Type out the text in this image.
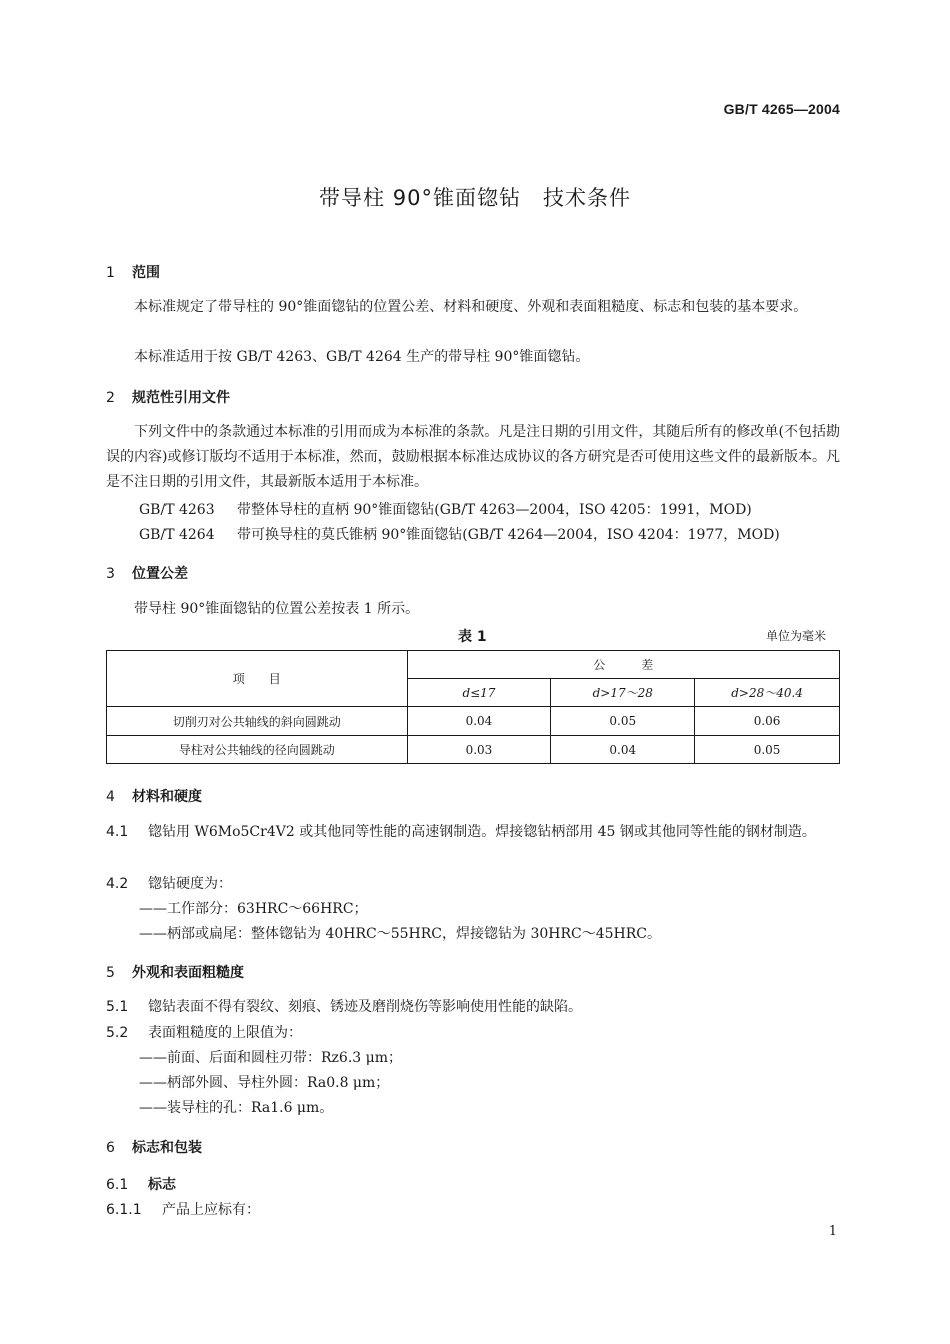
GB/T 4265—2004
带导柱 90°锥面锪钻　技术条件
1 范围
本标准规定了带导柱的 90°锥面锪钻的位置公差、材料和硬度、外观和表面粗糙度、标志和包装的基本要求。
本标准适用于按 GB/T 4263、GB/T 4264 生产的带导柱 90°锥面锪钻。
2 规范性引用文件
下列文件中的条款通过本标准的引用而成为本标准的条款。凡是注日期的引用文件，其随后所有的修改单(不包括勘误的内容)或修订版均不适用于本标准，然而，鼓励根据本标准达成协议的各方研究是否可使用这些文件的最新版本。凡是不注日期的引用文件，其最新版本适用于本标准。
GB/T 4263 带整体导柱的直柄 90°锥面锪钻(GB/T 4263—2004，ISO 4205：1991，MOD)
GB/T 4264 带可换导柱的莫氏锥柄 90°锥面锪钻(GB/T 4264—2004，ISO 4204：1977，MOD)
3 位置公差
带导柱 90°锥面锪钻的位置公差按表 1 所示。
表 1	单位为毫米
项　　目	公　　　差		
	d≤17	d>17～28	d>28～40.4
切削刃对公共轴线的斜向圆跳动	0.04	0.05	0.06
导柱对公共轴线的径向圆跳动	0.03	0.04	0.05
4 材料和硬度
4.1 锪钻用 W6Mo5Cr4V2 或其他同等性能的高速钢制造。焊接锪钻柄部用 45 钢或其他同等性能的钢材制造。
4.2 锪钻硬度为：
——工作部分：63HRC～66HRC；
——柄部或扁尾：整体锪钻为 40HRC～55HRC，焊接锪钻为 30HRC～45HRC。
5 外观和表面粗糙度
5.1 锪钻表面不得有裂纹、刻痕、锈迹及磨削烧伤等影响使用性能的缺陷。
5.2 表面粗糙度的上限值为：
——前面、后面和圆柱刃带：Rz6.3 μm；
——柄部外圆、导柱外圆：Ra0.8 μm；
——装导柱的孔：Ra1.6 μm。
6 标志和包装
6.1 标志
6.1.1 产品上应标有：
1
